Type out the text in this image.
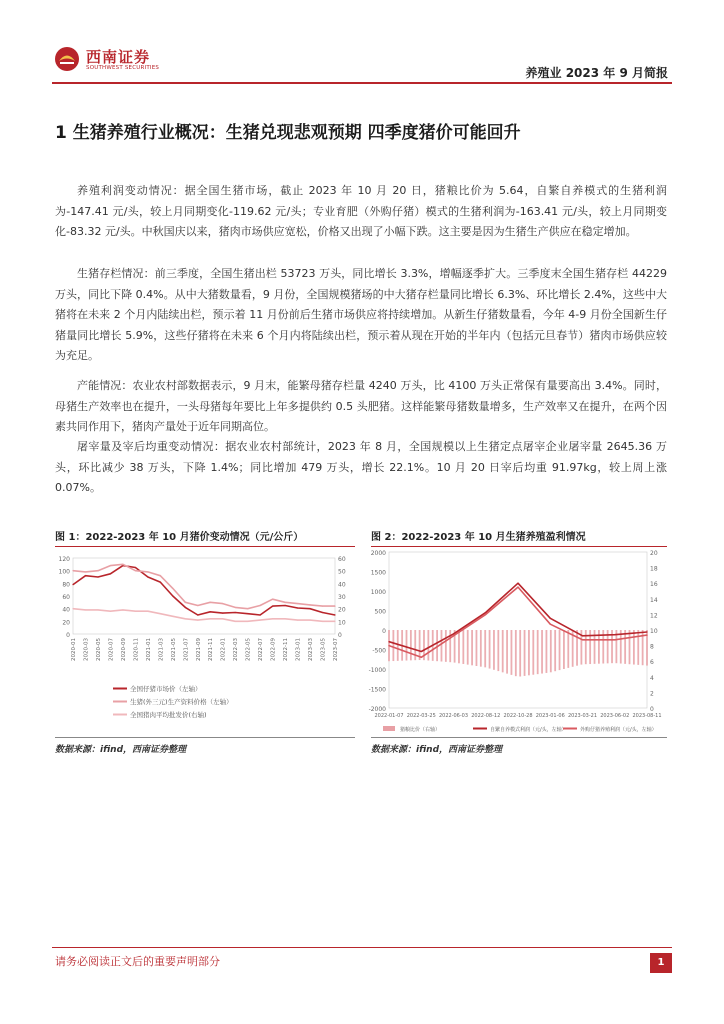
西南证券
SOUTHWEST SECURITIES	养殖业 2023 年 9 月简报
1 生猪养殖行业概况：生猪兑现悲观预期 四季度猪价可能回升

养殖利润变动情况：据全国生猪市场，截止 2023 年 10 月 20 日，猪粮比价为 5.64，自繁自养模式的生猪利润为-147.41 元/头，较上月同期变化-119.62 元/头；专业育肥（外购仔猪）模式的生猪利润为-163.41 元/头，较上月同期变化-83.32 元/头。中秋国庆以来，猪肉市场供应宽松，价格又出现了小幅下跌。这主要是因为生猪生产供应在稳定增加。

生猪存栏情况：前三季度，全国生猪出栏 53723 万头，同比增长 3.3%，增幅逐季扩大。三季度末全国生猪存栏 44229 万头，同比下降 0.4%。从中大猪数量看，9 月份，全国规模猪场的中大猪存栏量同比增长 6.3%、环比增长 2.4%，这些中大猪将在未来 2 个月内陆续出栏，预示着 11 月份前后生猪市场供应将持续增加。从新生仔猪数量看，今年 4-9 月份全国新生仔猪量同比增长 5.9%，这些仔猪将在未来 6 个月内将陆续出栏，预示着从现在开始的半年内（包括元旦春节）猪肉市场供应较为充足。

产能情况：农业农村部数据表示，9 月末，能繁母猪存栏量 4240 万头，比 4100 万头正常保有量要高出 3.4%。同时，母猪生产效率也在提升，一头母猪每年要比上年多提供约 0.5 头肥猪。这样能繁母猪数量增多，生产效率又在提升，在两个因素共同作用下，猪肉产量处于近年同期高位。

屠宰量及宰后均重变动情况：据农业农村部统计，2023 年 8 月，全国规模以上生猪定点屠宰企业屠宰量 2645.36 万头，环比减少 38 万头，下降 1.4%；同比增加 479 万头，增长 22.1%。10 月 20 日宰后均重 91.97kg，较上周上涨 0.07%。

图 1：2022-2023 年 10 月猪价变动情况（元/公斤）
0
20
40
60
80
100
120
0
10
20
30
40
50
60
2020-01 2020-03 2020-05 2020-07 2020-09 2020-11 2021-01 2021-03 2021-05 2021-07 2021-09 2021-11 2022-01 2022-03 2022-05 2022-07 2022-09 2022-11 2023-01 2023-03 2023-05 2023-07
全国仔猪市场价（左轴）
生猪(外三元)生产资料价格（左轴）
全国猪肉平均批发价(右轴)
数据来源：ifind，西南证券整理
图 2：2022-2023 年 10 月生猪养殖盈利情况
2000
1500
1000
500
0
-500
-1000
-1500
-2000
20
18
16
14
12
10
8
6
4
2
0
2022-01-07 2022-03-25 2022-06-03 2022-08-12 2022-10-28 2023-01-06 2023-03-21 2023-06-02 2023-08-11
猪粮比价（右轴）	自繁自养模式利润（元/头，左轴）	外购仔猪养殖利润（元/头，左轴）
数据来源：ifind，西南证券整理
请务必阅读正文后的重要声明部分	1
